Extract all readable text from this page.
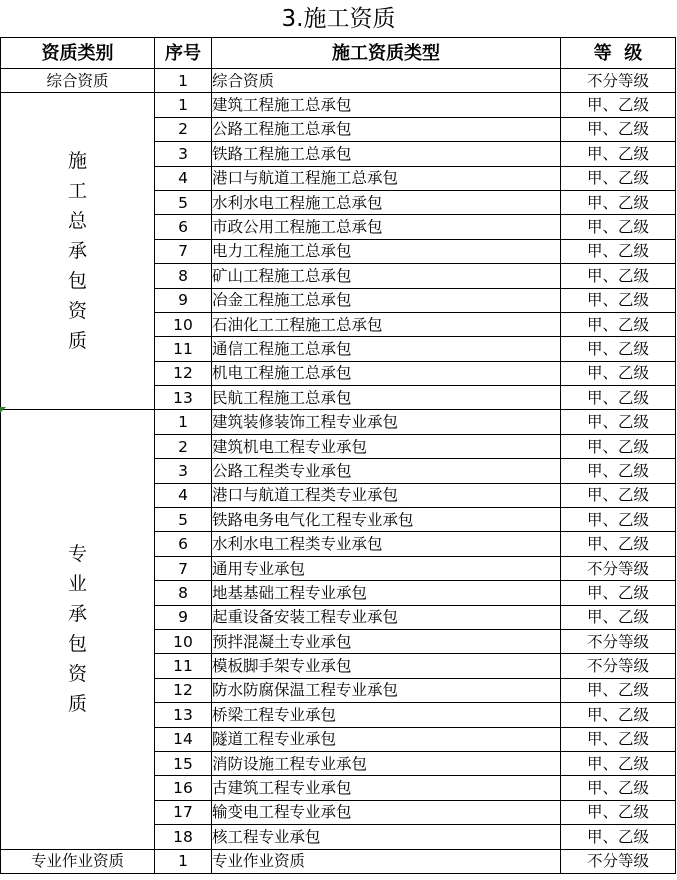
3.施工资质
资质类别	序号	施工资质类型	等  级
综合资质	1	综合资质	不分等级
施工总承包资质	1	建筑工程施工总承包	甲、乙级
	2	公路工程施工总承包	甲、乙级
	3	铁路工程施工总承包	甲、乙级
	4	港口与航道工程施工总承包	甲、乙级
	5	水利水电工程施工总承包	甲、乙级
	6	市政公用工程施工总承包	甲、乙级
	7	电力工程施工总承包	甲、乙级
	8	矿山工程施工总承包	甲、乙级
	9	冶金工程施工总承包	甲、乙级
	10	石油化工工程施工总承包	甲、乙级
	11	通信工程施工总承包	甲、乙级
	12	机电工程施工总承包	甲、乙级
	13	民航工程施工总承包	甲、乙级
专业承包资质	1	建筑装修装饰工程专业承包	甲、乙级
	2	建筑机电工程专业承包	甲、乙级
	3	公路工程类专业承包	甲、乙级
	4	港口与航道工程类专业承包	甲、乙级
	5	铁路电务电气化工程专业承包	甲、乙级
	6	水利水电工程类专业承包	甲、乙级
	7	通用专业承包	不分等级
	8	地基基础工程专业承包	甲、乙级
	9	起重设备安装工程专业承包	甲、乙级
	10	预拌混凝土专业承包	不分等级
	11	模板脚手架专业承包	不分等级
	12	防水防腐保温工程专业承包	甲、乙级
	13	桥梁工程专业承包	甲、乙级
	14	隧道工程专业承包	甲、乙级
	15	消防设施工程专业承包	甲、乙级
	16	古建筑工程专业承包	甲、乙级
	17	输变电工程专业承包	甲、乙级
	18	核工程专业承包	甲、乙级
专业作业资质	1	专业作业资质	不分等级
